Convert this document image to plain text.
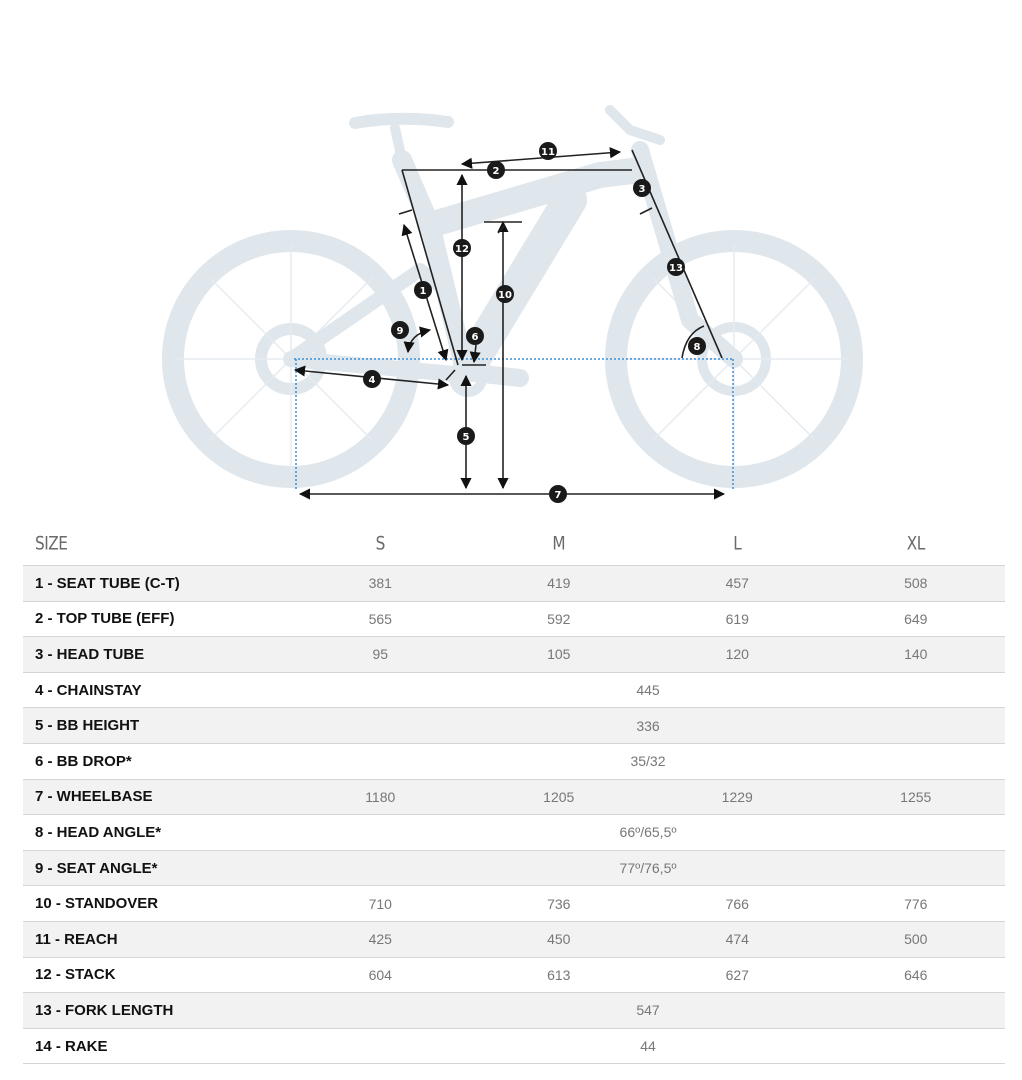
1
2
3
4
5
6
7
8
9
10
11
12
13
SIZE	S	M	L	XL
1 - SEAT TUBE (C-T)	381	419	457	508
2 - TOP TUBE (EFF)	565	592	619	649
3 - HEAD TUBE	95	105	120	140
4 - CHAINSTAY	445			
5 - BB HEIGHT	336			
6 - BB DROP*	35/32			
7 - WHEELBASE	1180	1205	1229	1255
8 - HEAD ANGLE*	66º/65,5º			
9 - SEAT ANGLE*	77º/76,5º			
10 - STANDOVER	710	736	766	776
11 - REACH	425	450	474	500
12 - STACK	604	613	627	646
13 - FORK LENGTH	547			
14 - RAKE	44			
